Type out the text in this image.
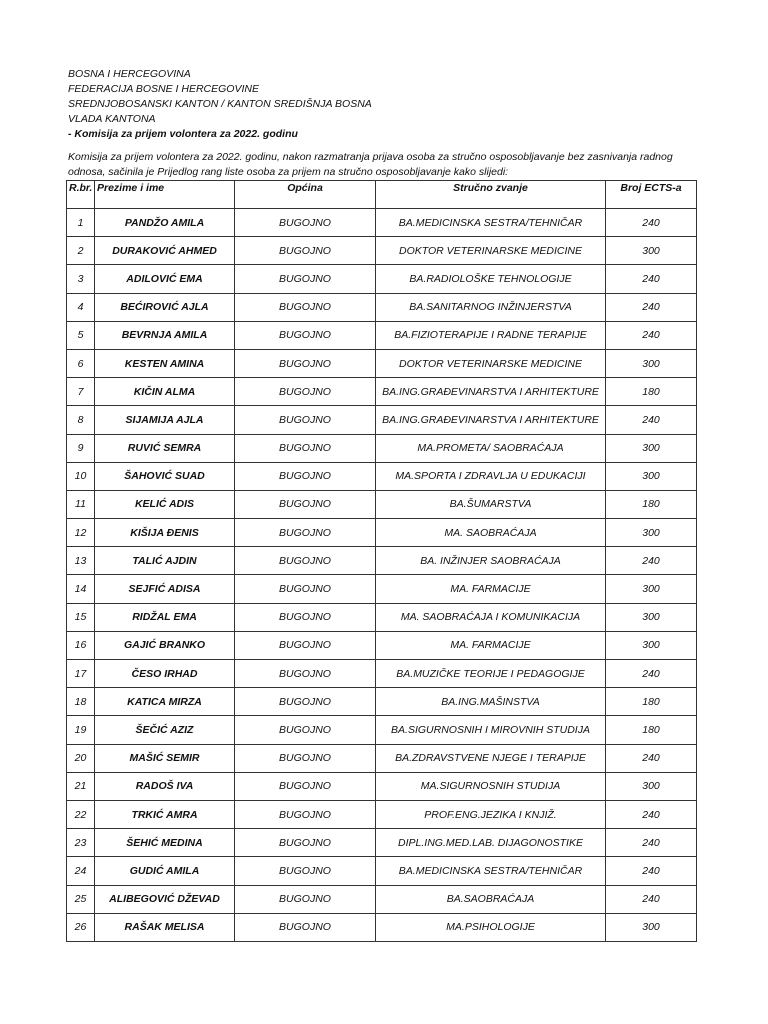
BOSNA I HERCEGOVINA
FEDERACIJA BOSNE I HERCEGOVINE
SREDNJOBOSANSKI KANTON / KANTON SREDIŠNJA BOSNA
VLADA KANTONA
- Komisija za prijem volontera za 2022. godinu
Komisija za prijem volontera za 2022. godinu, nakon razmatranja prijava osoba za stručno osposobljavanje bez zasnivanja radnog
odnosa, sačinila je Prijedlog rang liste osoba za prijem na stručno osposobljavanje kako slijedi:
R.br.	Prezime i ime	Općina	Stručno zvanje	Broj ECTS-a
1	PANDŽO AMILA	BUGOJNO	BA.MEDICINSKA SESTRA/TEHNIČAR	240
2	DURAKOVIĆ AHMED	BUGOJNO	DOKTOR VETERINARSKE MEDICINE	300
3	ADILOVIĆ EMA	BUGOJNO	BA.RADIOLOŠKE TEHNOLOGIJE	240
4	BEĆIROVIĆ AJLA	BUGOJNO	BA.SANITARNOG INŽINJERSTVA	240
5	BEVRNJA AMILA	BUGOJNO	BA.FIZIOTERAPIJE I RADNE TERAPIJE	240
6	KESTEN AMINA	BUGOJNO	DOKTOR VETERINARSKE MEDICINE	300
7	KIČIN ALMA	BUGOJNO	BA.ING.GRAĐEVINARSTVA I ARHITEKTURE	180
8	SIJAMIJA AJLA	BUGOJNO	BA.ING.GRAĐEVINARSTVA I ARHITEKTURE	240
9	RUVIĆ SEMRA	BUGOJNO	MA.PROMETA/ SAOBRAĆAJA	300
10	ŠAHOVIĆ SUAD	BUGOJNO	MA.SPORTA I ZDRAVLJA U EDUKACIJI	300
11	KELIĆ ADIS	BUGOJNO	BA.ŠUMARSTVA	180
12	KIŠIJA ĐENIS	BUGOJNO	MA. SAOBRAĆAJA	300
13	TALIĆ AJDIN	BUGOJNO	BA. INŽINJER SAOBRAĆAJA	240
14	SEJFIĆ ADISA	BUGOJNO	MA. FARMACIJE	300
15	RIDŽAL EMA	BUGOJNO	MA. SAOBRAĆAJA I KOMUNIKACIJA	300
16	GAJIĆ BRANKO	BUGOJNO	MA. FARMACIJE	300
17	ČESO IRHAD	BUGOJNO	BA.MUZIČKE TEORIJE I PEDAGOGIJE	240
18	KATICA MIRZA	BUGOJNO	BA.ING.MAŠINSTVA	180
19	ŠEČIĆ AZIZ	BUGOJNO	BA.SIGURNOSNIH I MIROVNIH STUDIJA	180
20	MAŠIĆ SEMIR	BUGOJNO	BA.ZDRAVSTVENE NJEGE I TERAPIJE	240
21	RADOŠ IVA	BUGOJNO	MA.SIGURNOSNIH STUDIJA	300
22	TRKIĆ AMRA	BUGOJNO	PROF.ENG.JEZIKA I KNJIŽ.	240
23	ŠEHIĆ MEDINA	BUGOJNO	DIPL.ING.MED.LAB. DIJAGONOSTIKE	240
24	GUDIĆ AMILA	BUGOJNO	BA.MEDICINSKA SESTRA/TEHNIČAR	240
25	ALIBEGOVIĆ DŽEVAD	BUGOJNO	BA.SAOBRAĆAJA	240
26	RAŠAK MELISA	BUGOJNO	MA.PSIHOLOGIJE	300
